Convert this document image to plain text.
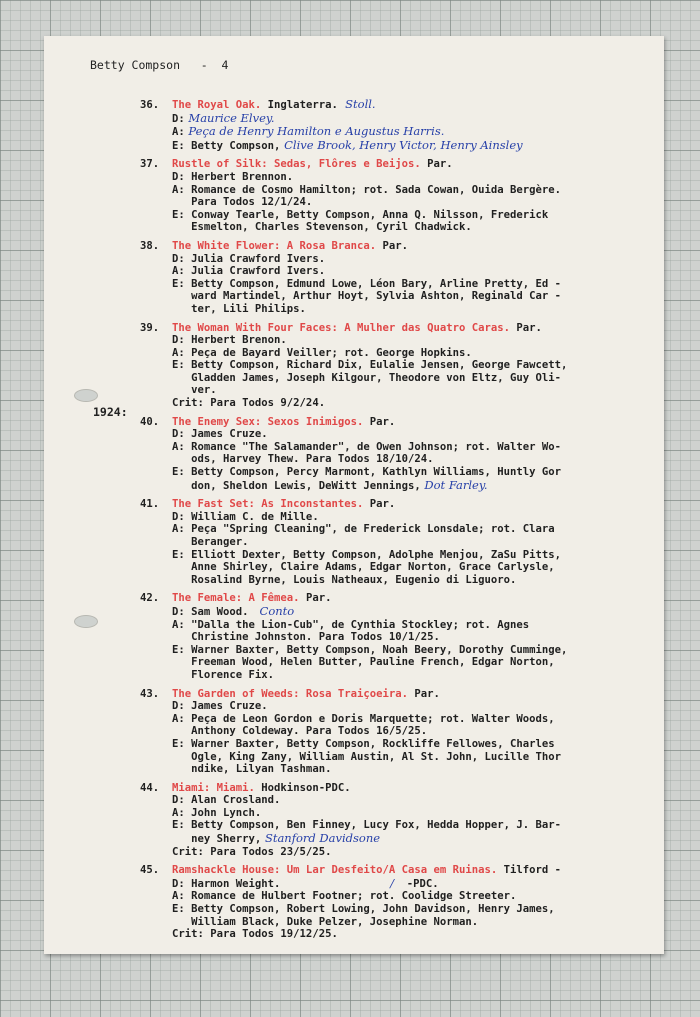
Betty Compson   -  4
1924:
36. The Royal Oak. Inglaterra.  Stoll.
D: Maurice Elvey.
A: Peça de Henry Hamilton e Augustus Harris.
E: Betty Compson, Clive Brook, Henry Victor, Henry Ainsley
37. Rustle of Silk: Sedas, Flôres e Beijos. Par.
D: Herbert Brennon.
A: Romance de Cosmo Hamilton; rot. Sada Cowan, Ouida Bergère.
Para Todos 12/1/24.
E: Conway Tearle, Betty Compson, Anna Q. Nilsson, Frederick
Esmelton, Charles Stevenson, Cyril Chadwick.
38. The White Flower: A Rosa Branca. Par.
D: Julia Crawford Ivers.
A: Julia Crawford Ivers.
E: Betty Compson, Edmund Lowe, Léon Bary, Arline Pretty, Ed -
ward Martindel, Arthur Hoyt, Sylvia Ashton, Reginald Car -
ter, Lili Philips.
39. The Woman With Four Faces: A Mulher das Quatro Caras. Par.
D: Herbert Brenon.
A: Peça de Bayard Veiller; rot. George Hopkins.
E: Betty Compson, Richard Dix, Eulalie Jensen, George Fawcett,
Gladden James, Joseph Kilgour, Theodore von Eltz, Guy Oli-
ver.
Crit: Para Todos 9/2/24.
40. The Enemy Sex: Sexos Inimigos. Par.
D: James Cruze.
A: Romance "The Salamander", de Owen Johnson; rot. Walter Wo-
ods, Harvey Thew. Para Todos 18/10/24.
E: Betty Compson, Percy Marmont, Kathlyn Williams, Huntly Gor
don, Sheldon Lewis, DeWitt Jennings, Dot Farley.
41. The Fast Set: As Inconstantes. Par.
D: William C. de Mille.
A: Peça "Spring Cleaning", de Frederick Lonsdale; rot. Clara
Beranger.
E: Elliott Dexter, Betty Compson, Adolphe Menjou, ZaSu Pitts,
Anne Shirley, Claire Adams, Edgar Norton, Grace Carlysle,
Rosalind Byrne, Louis Natheaux, Eugenio di Liguoro.
42. The Female: A Fêmea. Par.
D: Sam Wood.   Conto
A: "Dalla the Lion-Cub", de Cynthia Stockley; rot. Agnes
Christine Johnston. Para Todos 10/1/25.
E: Warner Baxter, Betty Compson, Noah Beery, Dorothy Cumminge,
Freeman Wood, Helen Butter, Pauline French, Edgar Norton,
Florence Fix.
43. The Garden of Weeds: Rosa Traiçoeira. Par.
D: James Cruze.
A: Peça de Leon Gordon e Doris Marquette; rot. Walter Woods,
Anthony Coldeway. Para Todos 16/5/25.
E: Warner Baxter, Betty Compson, Rockliffe Fellowes, Charles
Ogle, King Zany, William Austin, Al St. John, Lucille Thor
ndike, Lilyan Tashman.
44. Miami: Miami. Hodkinson-PDC.
D: Alan Crosland.
A: John Lynch.
E: Betty Compson, Ben Finney, Lucy Fox, Hedda Hopper, J. Bar-
ney Sherry, Stanford Davidsone
Crit: Para Todos 23/5/25.
45. Ramshackle House: Um Lar Desfeito/A Casa em Ruinas. Tilford -
D: Harmon Weight.                              /  -PDC.
A: Romance de Hulbert Footner; rot. Coolidge Streeter.
E: Betty Compson, Robert Lowing, John Davidson, Henry James,
William Black, Duke Pelzer, Josephine Norman.
Crit: Para Todos 19/12/25.
